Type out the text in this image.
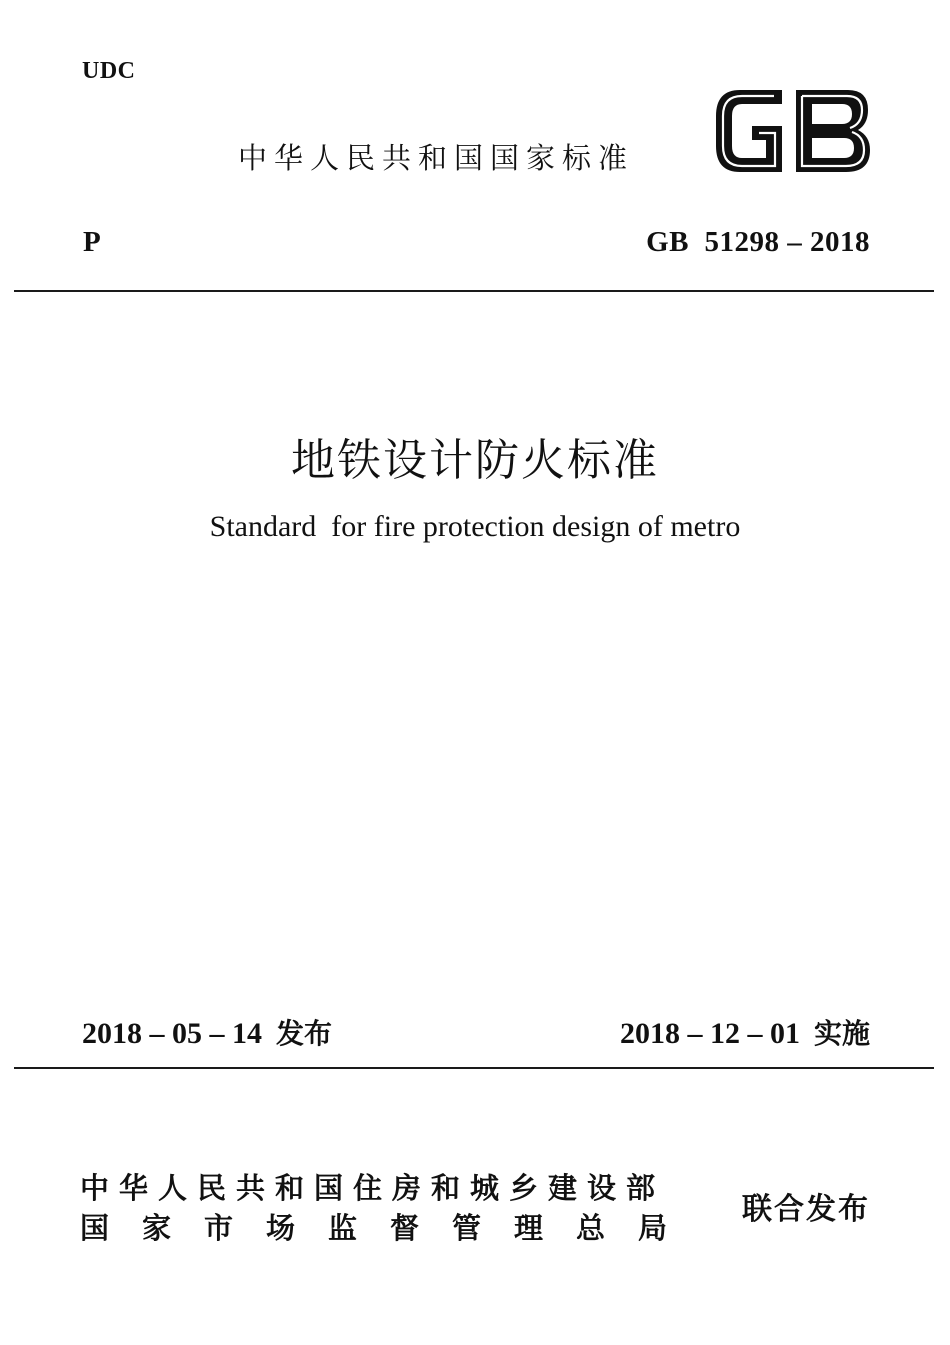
UDC
中华人民共和国国家标准
P	GB  51298 – 2018
地铁设计防火标准
Standard  for fire protection design of metro
2018 – 05 – 14 发布	2018 – 12 – 01 实施
中华人民共和国住房和城乡建设部
国家市场监督管理总局
联合发布
